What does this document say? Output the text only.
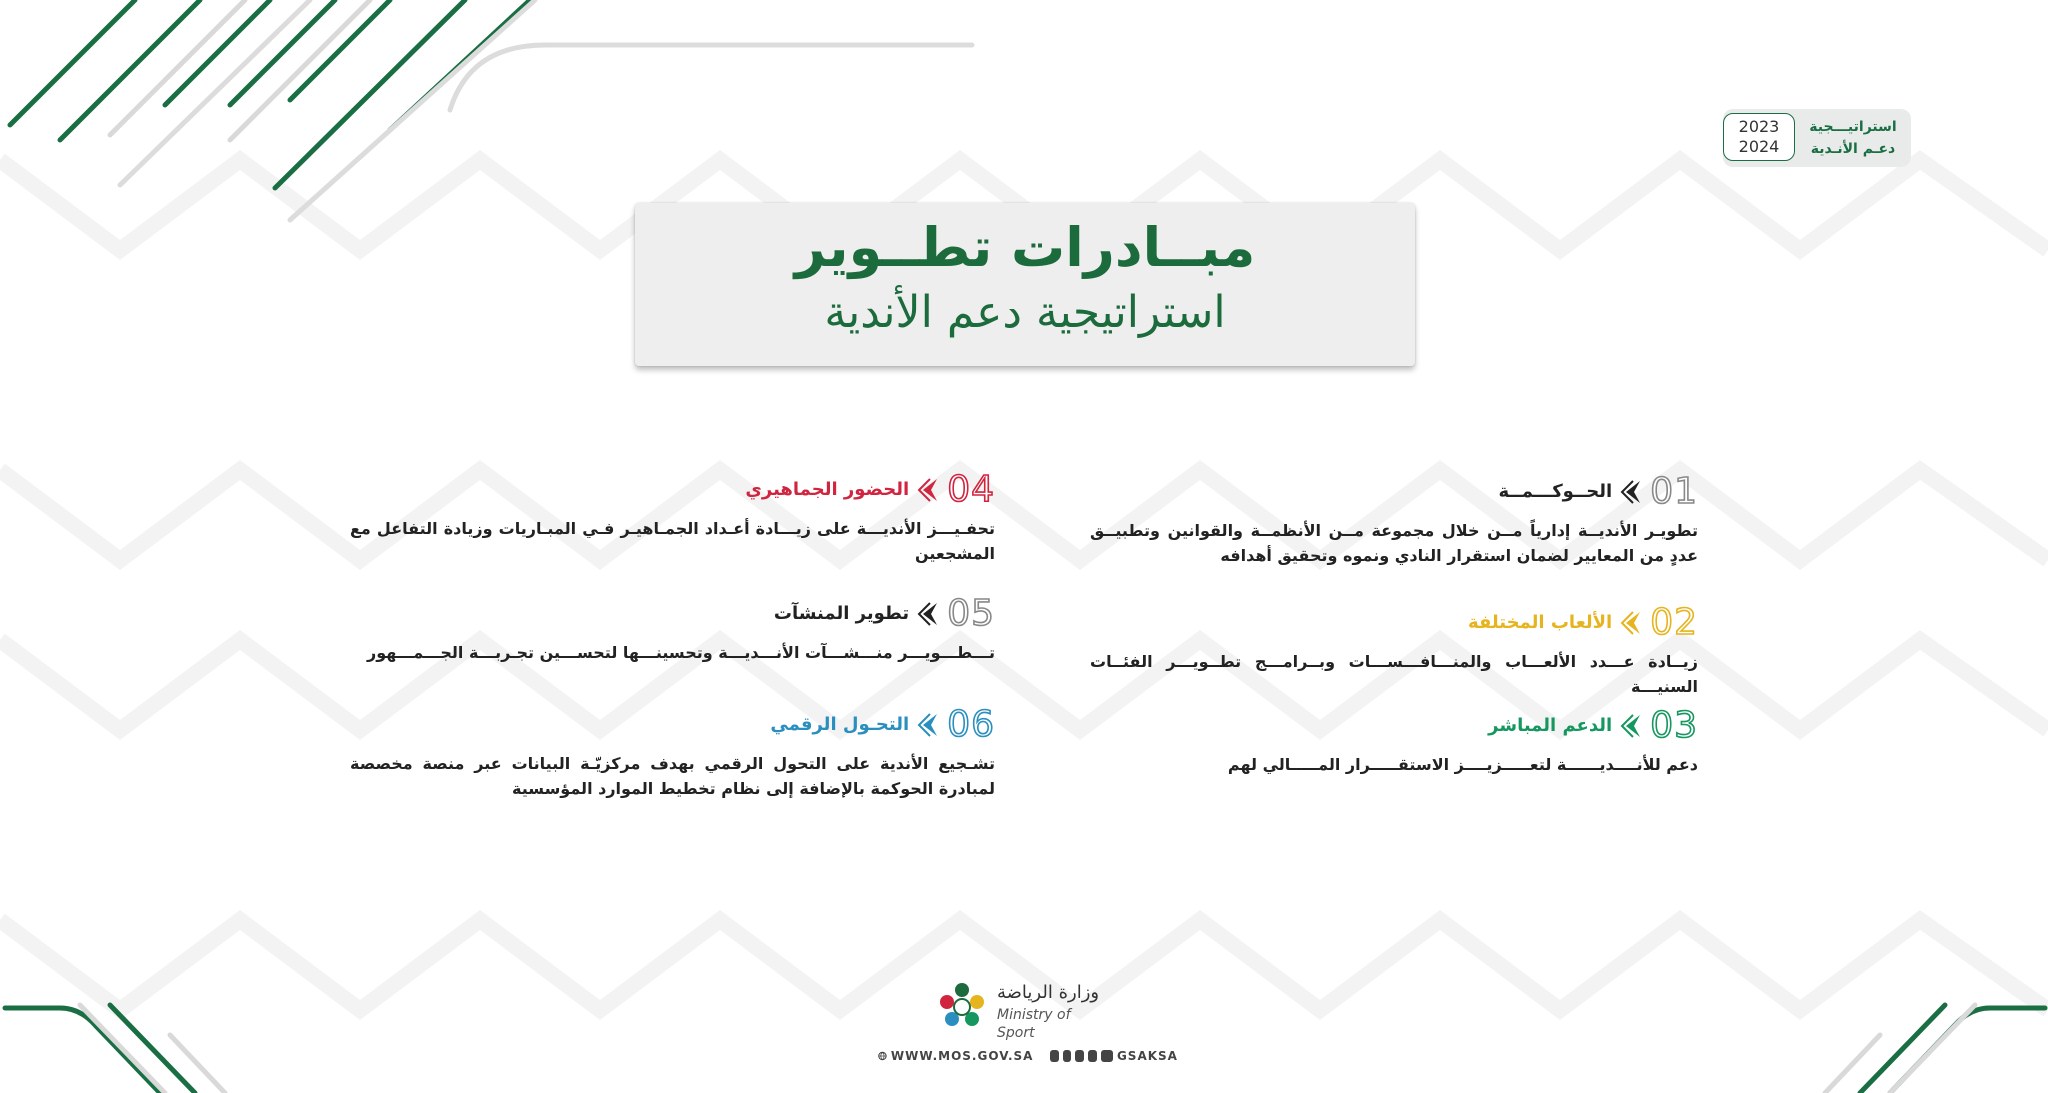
2023
2024
استراتيـــجية
دعـم الأنـدية
مبــادرات تطــوير
استراتيجية دعم الأندية
01
الحــوكـــمــة
تطويـر الأنديــة إدارياً مــن خلال مجموعة مــن الأنظمــة والقوانين وتطبيــق عددٍ من المعايير لضمان استقرار النادي ونموه وتحقيق أهدافه
02
الألعاب المختلفة
زيــادة عـــدد الألعـــاب والمنـــافـــســـات وبــرامـــج تطــويـــر الفئــات السنيـــة
03
الدعم المباشر
دعم للأنــــديــــــة لتعـــــزيــــز الاستقـــــرار المـــــالي لهم
04
الحضور الجماهيري
تحفـيـــز الأنديـــة على زيـــادة أعـداد الجمـاهيـر فـي المبـاريات وزيادة التفاعل مع المشجعين
05
تطوير المنشآت
تـــطـــويـــر منـــشـــآت الأنـــديـــة وتحسينـــها لتحســـين تجـربـــة الجـــمـــهور
06
التحـول الرقمي
تشـجيع الأندية على التحول الرقمي بهدف مركزيّـة البيانات عبر منصة مخصصة لمبادرة الحوكمة بالإضافة إلى نظام تخطيط الموارد المؤسسية
وزارة الرياضة
Ministry of Sport
WWW.MOS.GOV.SA	GSAKSA
